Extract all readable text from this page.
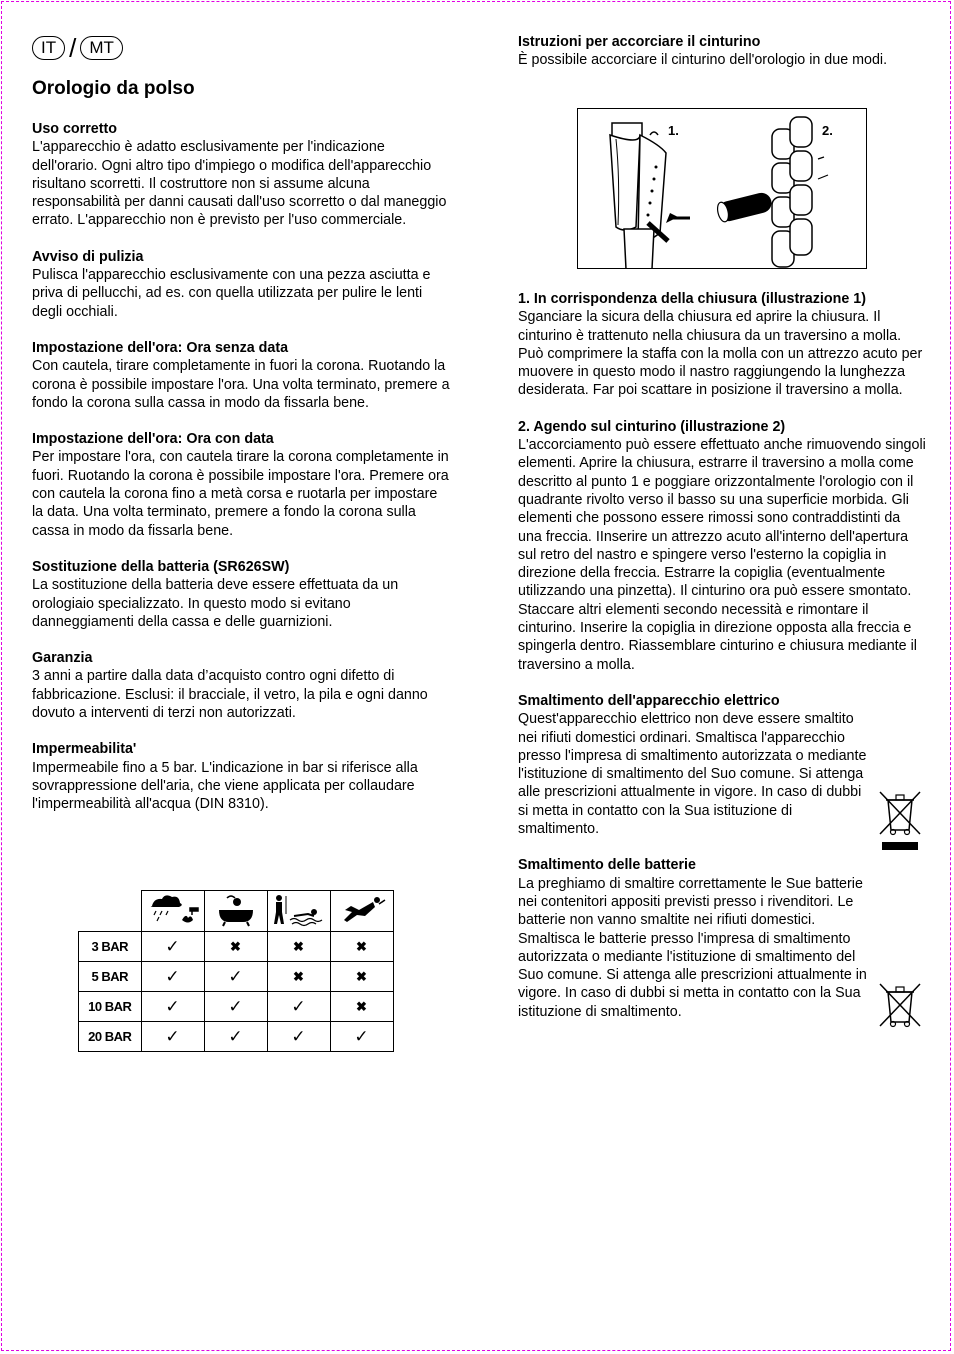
IT / MT
Orologio da polso
Uso corretto

L'apparecchio è adatto esclusivamente per l'indicazione dell'orario. Ogni altro tipo d'impiego o modifica dell'apparecchio risultano scorretti. Il costruttore non si assume alcuna responsabilità per danni causati dall'uso scorretto o dal maneggio errato. L'apparecchio non è previsto per l'uso commerciale.

Avviso di pulizia

Pulisca l'apparecchio esclusivamente con una pezza asciutta e priva di pellucchi, ad es. con quella utilizzata per pulire le lenti degli occhiali.

Impostazione dell'ora: Ora senza data

Con cautela, tirare completamente in fuori la corona. Ruotando la corona è possibile impostare l'ora. Una volta terminato, premere a fondo la corona sulla cassa in modo da fissarla bene.

Impostazione dell'ora: Ora con data

Per impostare l'ora, con cautela tirare la corona completamente in fuori. Ruotando la corona è possibile impostare l'ora. Premere ora con cautela la corona fino a metà corsa e ruotarla per impostare la data. Una volta terminato, premere a fondo la corona sulla cassa in modo da fissarla bene.

Sostituzione della batteria (SR626SW)

La sostituzione della batteria deve essere effettuata da un orologiaio specializzato. In questo modo si evitano danneggiamenti della cassa e delle guarnizioni.

Garanzia

3 anni a partire dalla data d’acquisto contro ogni difetto di fabbricazione. Esclusi: il bracciale, il vetro, la pila e ogni danno dovuto a interventi di terzi non autorizzati.

Impermeabilita'

Impermeabile fino a 5 bar. L'indicazione in bar si riferisce alla sovrappressione dell'aria, che viene applicata per collaudare l'impermeabilità all'acqua (DIN 8310).

3 BAR	✓	✖	✖	✖
5 BAR	✓	✓	✖	✖
10 BAR	✓	✓	✓	✖
20 BAR	✓	✓	✓	✓
Istruzioni per accorciare il cinturino

È possibile accorciare il cinturino dell'orologio in due modi.

1.	2.
1. In corrispondenza della chiusura (illustrazione 1)

Sganciare la sicura della chiusura ed aprire la chiusura. Il cinturino è trattenuto nella chiusura da un traversino a molla. Può comprimere la staffa con la molla con un attrezzo acuto per muovere in questo modo il nastro raggiungendo la lunghezza desiderata. Far poi scattare in posizione il traversino a molla.

2. Agendo sul cinturino (illustrazione 2)

L'accorciamento può essere effettuato anche rimuovendo singoli elementi. Aprire la chiusura, estrarre il traversino a molla come descritto al punto 1 e poggiare orizzontalmente l'orologio con il quadrante rivolto verso il basso su una superficie morbida. Gli elementi che possono essere rimossi sono contraddistinti da una freccia. IInserire un attrezzo acuto all'interno dell'apertura sul retro del nastro e spingere verso l'esterno la copiglia in direzione della freccia. Estrarre la copiglia (eventualmente utilizzando una pinzetta). Il cinturino ora può essere smontato. Staccare altri elementi secondo necessità e rimontare il cinturino. Inserire la copiglia in direzione opposta alla freccia e spingerla dentro. Riassemblare cinturino e chiusura mediante il traversino a molla.

Smaltimento dell'apparecchio elettrico

Quest'apparecchio elettrico non deve essere smaltito nei rifiuti domestici ordinari. Smaltisca l'apparecchio presso l'impresa di smaltimento autorizzata o mediante l'istituzione di smaltimento del Suo comune. Si attenga alle prescrizioni attualmente in vigore. In caso di dubbi si metta in contatto con la Sua istituzione di smaltimento.

Smaltimento delle batterie

La preghiamo di smaltire correttamente le Sue batterie nei contenitori appositi previsti presso i rivenditori. Le batterie non vanno smaltite nei rifiuti domestici. Smaltisca le batterie presso l'impresa di smaltimento autorizzata o mediante l'istituzione di smaltimento del Suo comune. Si attenga alle prescrizioni attualmente in vigore. In caso di dubbi si metta in contatto con la Sua istituzione di smaltimento.
